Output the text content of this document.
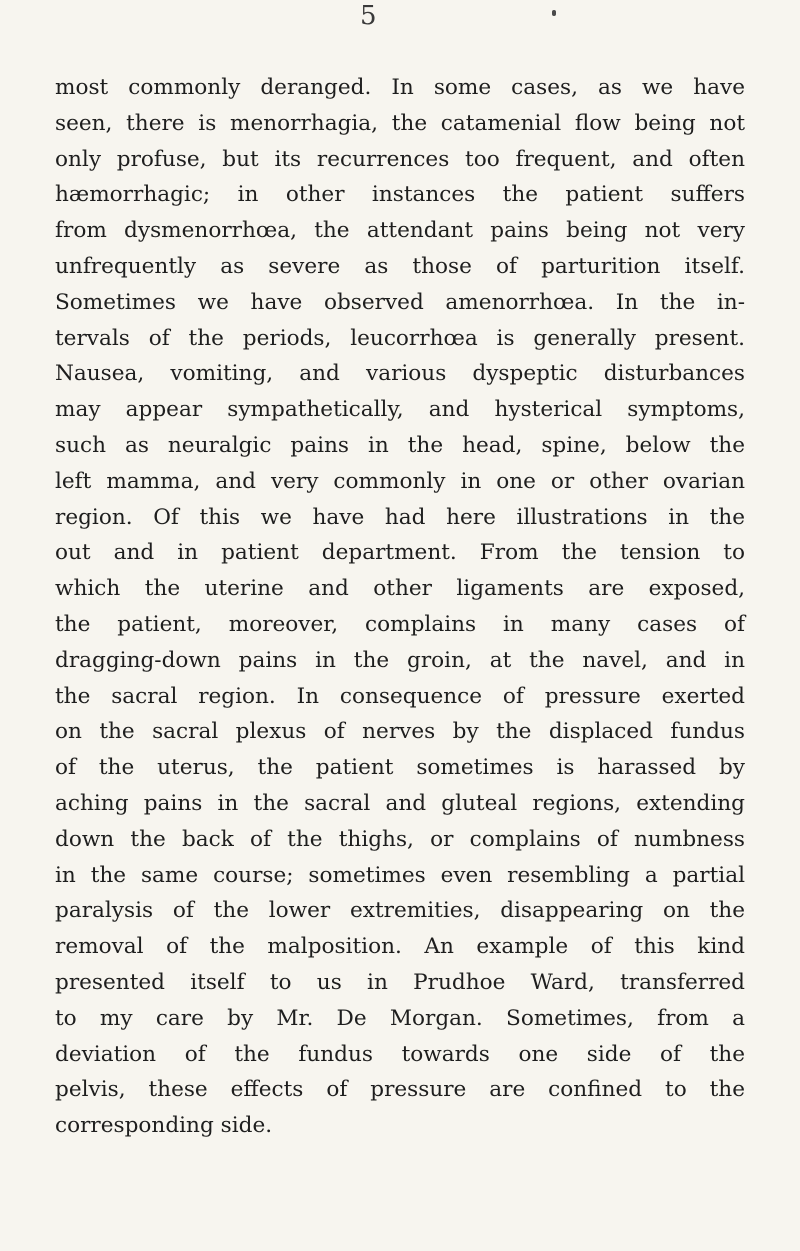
5
most commonly deranged. In some cases, as we have
seen, there is menorrhagia, the catamenial flow being not
only profuse, but its recurrences too frequent, and often
hæmorrhagic; in other instances the patient suffers
from dysmenorrhœa, the attendant pains being not very
unfrequently as severe as those of parturition itself.
Sometimes we have observed amenorrhœa. In the in-
tervals of the periods, leucorrhœa is generally present.
Nausea, vomiting, and various dyspeptic disturbances
may appear sympathetically, and hysterical symptoms,
such as neuralgic pains in the head, spine, below the
left mamma, and very commonly in one or other ovarian
region. Of this we have had here illustrations in the
out and in patient department. From the tension to
which the uterine and other ligaments are exposed,
the patient, moreover, complains in many cases of
dragging-down pains in the groin, at the navel, and in
the sacral region. In consequence of pressure exerted
on the sacral plexus of nerves by the displaced fundus
of the uterus, the patient sometimes is harassed by
aching pains in the sacral and gluteal regions, extending
down the back of the thighs, or complains of numbness
in the same course; sometimes even resembling a partial
paralysis of the lower extremities, disappearing on the
removal of the malposition. An example of this kind
presented itself to us in Prudhoe Ward, transferred
to my care by Mr. De Morgan. Sometimes, from a
deviation of the fundus towards one side of the
pelvis, these effects of pressure are confined to the
corresponding side.
